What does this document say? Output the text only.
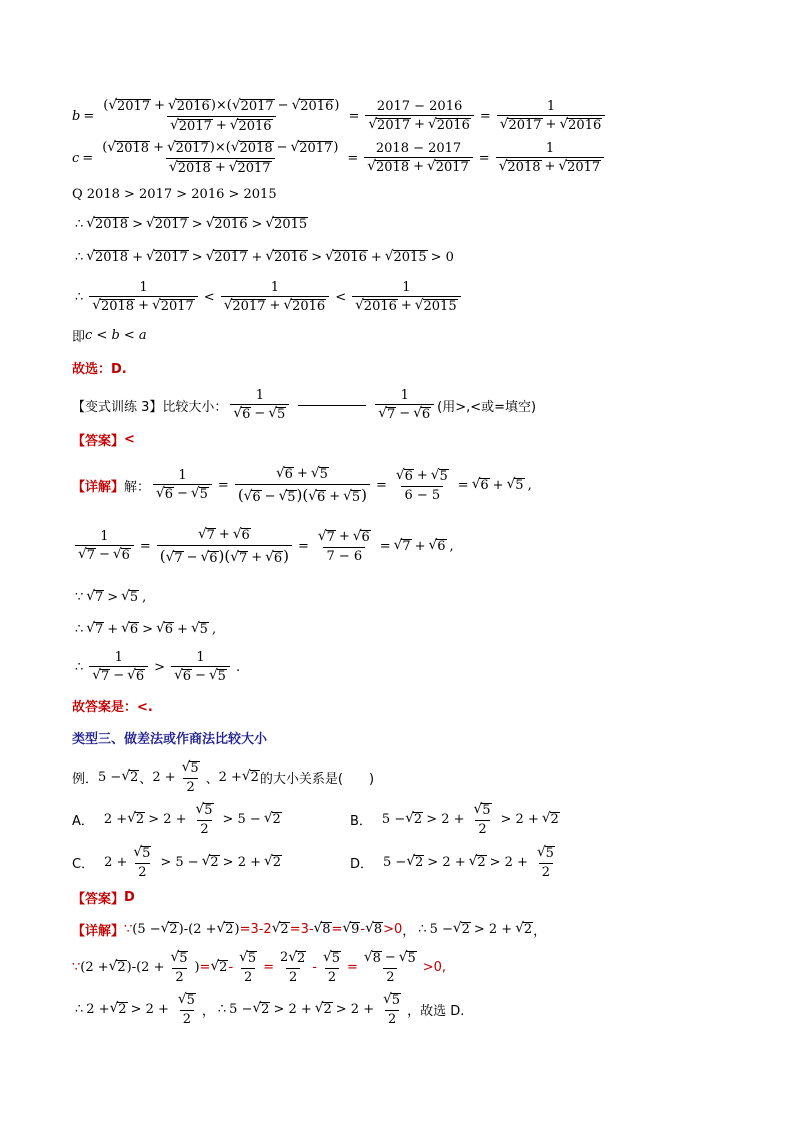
$b = \frac{( √ 2017 + √ 2016 )\times( √ 2017 - √ 2016 )}{√ 2017 + √ 2016} = \frac{2017 - 2016}{√ 2017 + √ 2016} = \frac{1}{√ 2017 + √ 2016}$
$c = \frac{( √ 2018 + √ 2017 )\times( √ 2018 - √ 2017 )}{√ 2018 + √ 2017} = \frac{2018 - 2017}{√ 2018 + √ 2017} = \frac{1}{√ 2018 + √ 2017}$
Q 2018 > 2017 > 2016 > 2015
∴ √ 2018 > √ 2017 > √ 2016 > √ 2015
∴ √ 2018 + √ 2017 > √ 2017 + √ 2016 > √ 2016 + √ 2015 > 0
∴ $\frac{1}{√ 2018 + √ 2017} < \frac{1}{√ 2017 + √ 2016} < \frac{1}{√ 2016 + √ 2015}$
即 c < b < a
故选：D.
【变式训练 3】 比较大小： $\frac{1}{√ 6 - √ 5}$	$\frac{1}{√ 7 - √ 6}$ (用>,<或=填空)
【答案】 <
【详解】 解： $\frac{1}{√ 6 - √ 5} = \frac{√ 6 + √ 5}{( √ 6 - √ 5 )( √ 6 + √ 5 )} = \frac{√ 6 + √ 5}{6 - 5}$ = √ 6 + √ 5 ,
$\frac{1}{√ 7 - √ 6} = \frac{√ 7 + √ 6}{( √ 7 - √ 6 )( √ 7 + √ 6 )} = \frac{√ 7 + √ 6}{7 - 6}$ = √ 7 + √ 6 ,
∵ √ 7 > √ 5 ,
∴ √ 7 + √ 6 > √ 6 + √ 5 ,
∴ $\frac{1}{√ 7 - √ 6} > \frac{1}{√ 6 - √ 5}$ .
故答案是：<.
类型三、做差法或作商法比较大小
例． 5 − √ 2 、 $2 + \frac{√ 5}{2}$ 、 2 + √ 2 的大小关系是(　　)
A． 2 + √ $2 > 2 + \frac{√ 5}{2} > 5$ − √ 2	B． 5 − √ $2 > 2 + \frac{√ 5}{2} > 2$ + √ 2
C． $2 + \frac{√ 5}{2} > 5$ − √ 2 > 2 + √ 2	D． 5 − √ 2 > 2 + √ $2 > 2 + \frac{√ 5}{2}$
【答案】 D
【详解】 ∵ (5 − √ 2 )-(2 + √ 2 ) =3-2 √ 2 =3- √ 8 = √ 9 - √ 8 >0 ， ∴ 5 − √ 2 > 2 + √ 2 ，
∵ (2 + √ 2 )$-(2 + \frac{√ 5}{2}$ ) = √ $2 - \frac{√ 5}{2} = \frac{2 √ 2}{2} - \frac{√ 5}{2} = \frac{√ 8 - √ 5}{2} >0$,
∴ 2 + √ $2 > 2 + \frac{√ 5}{2}$ ， ∴ 5 − √ 2 > 2 + √ $2 > 2 + \frac{√ 5}{2}$ ，故选 D.
